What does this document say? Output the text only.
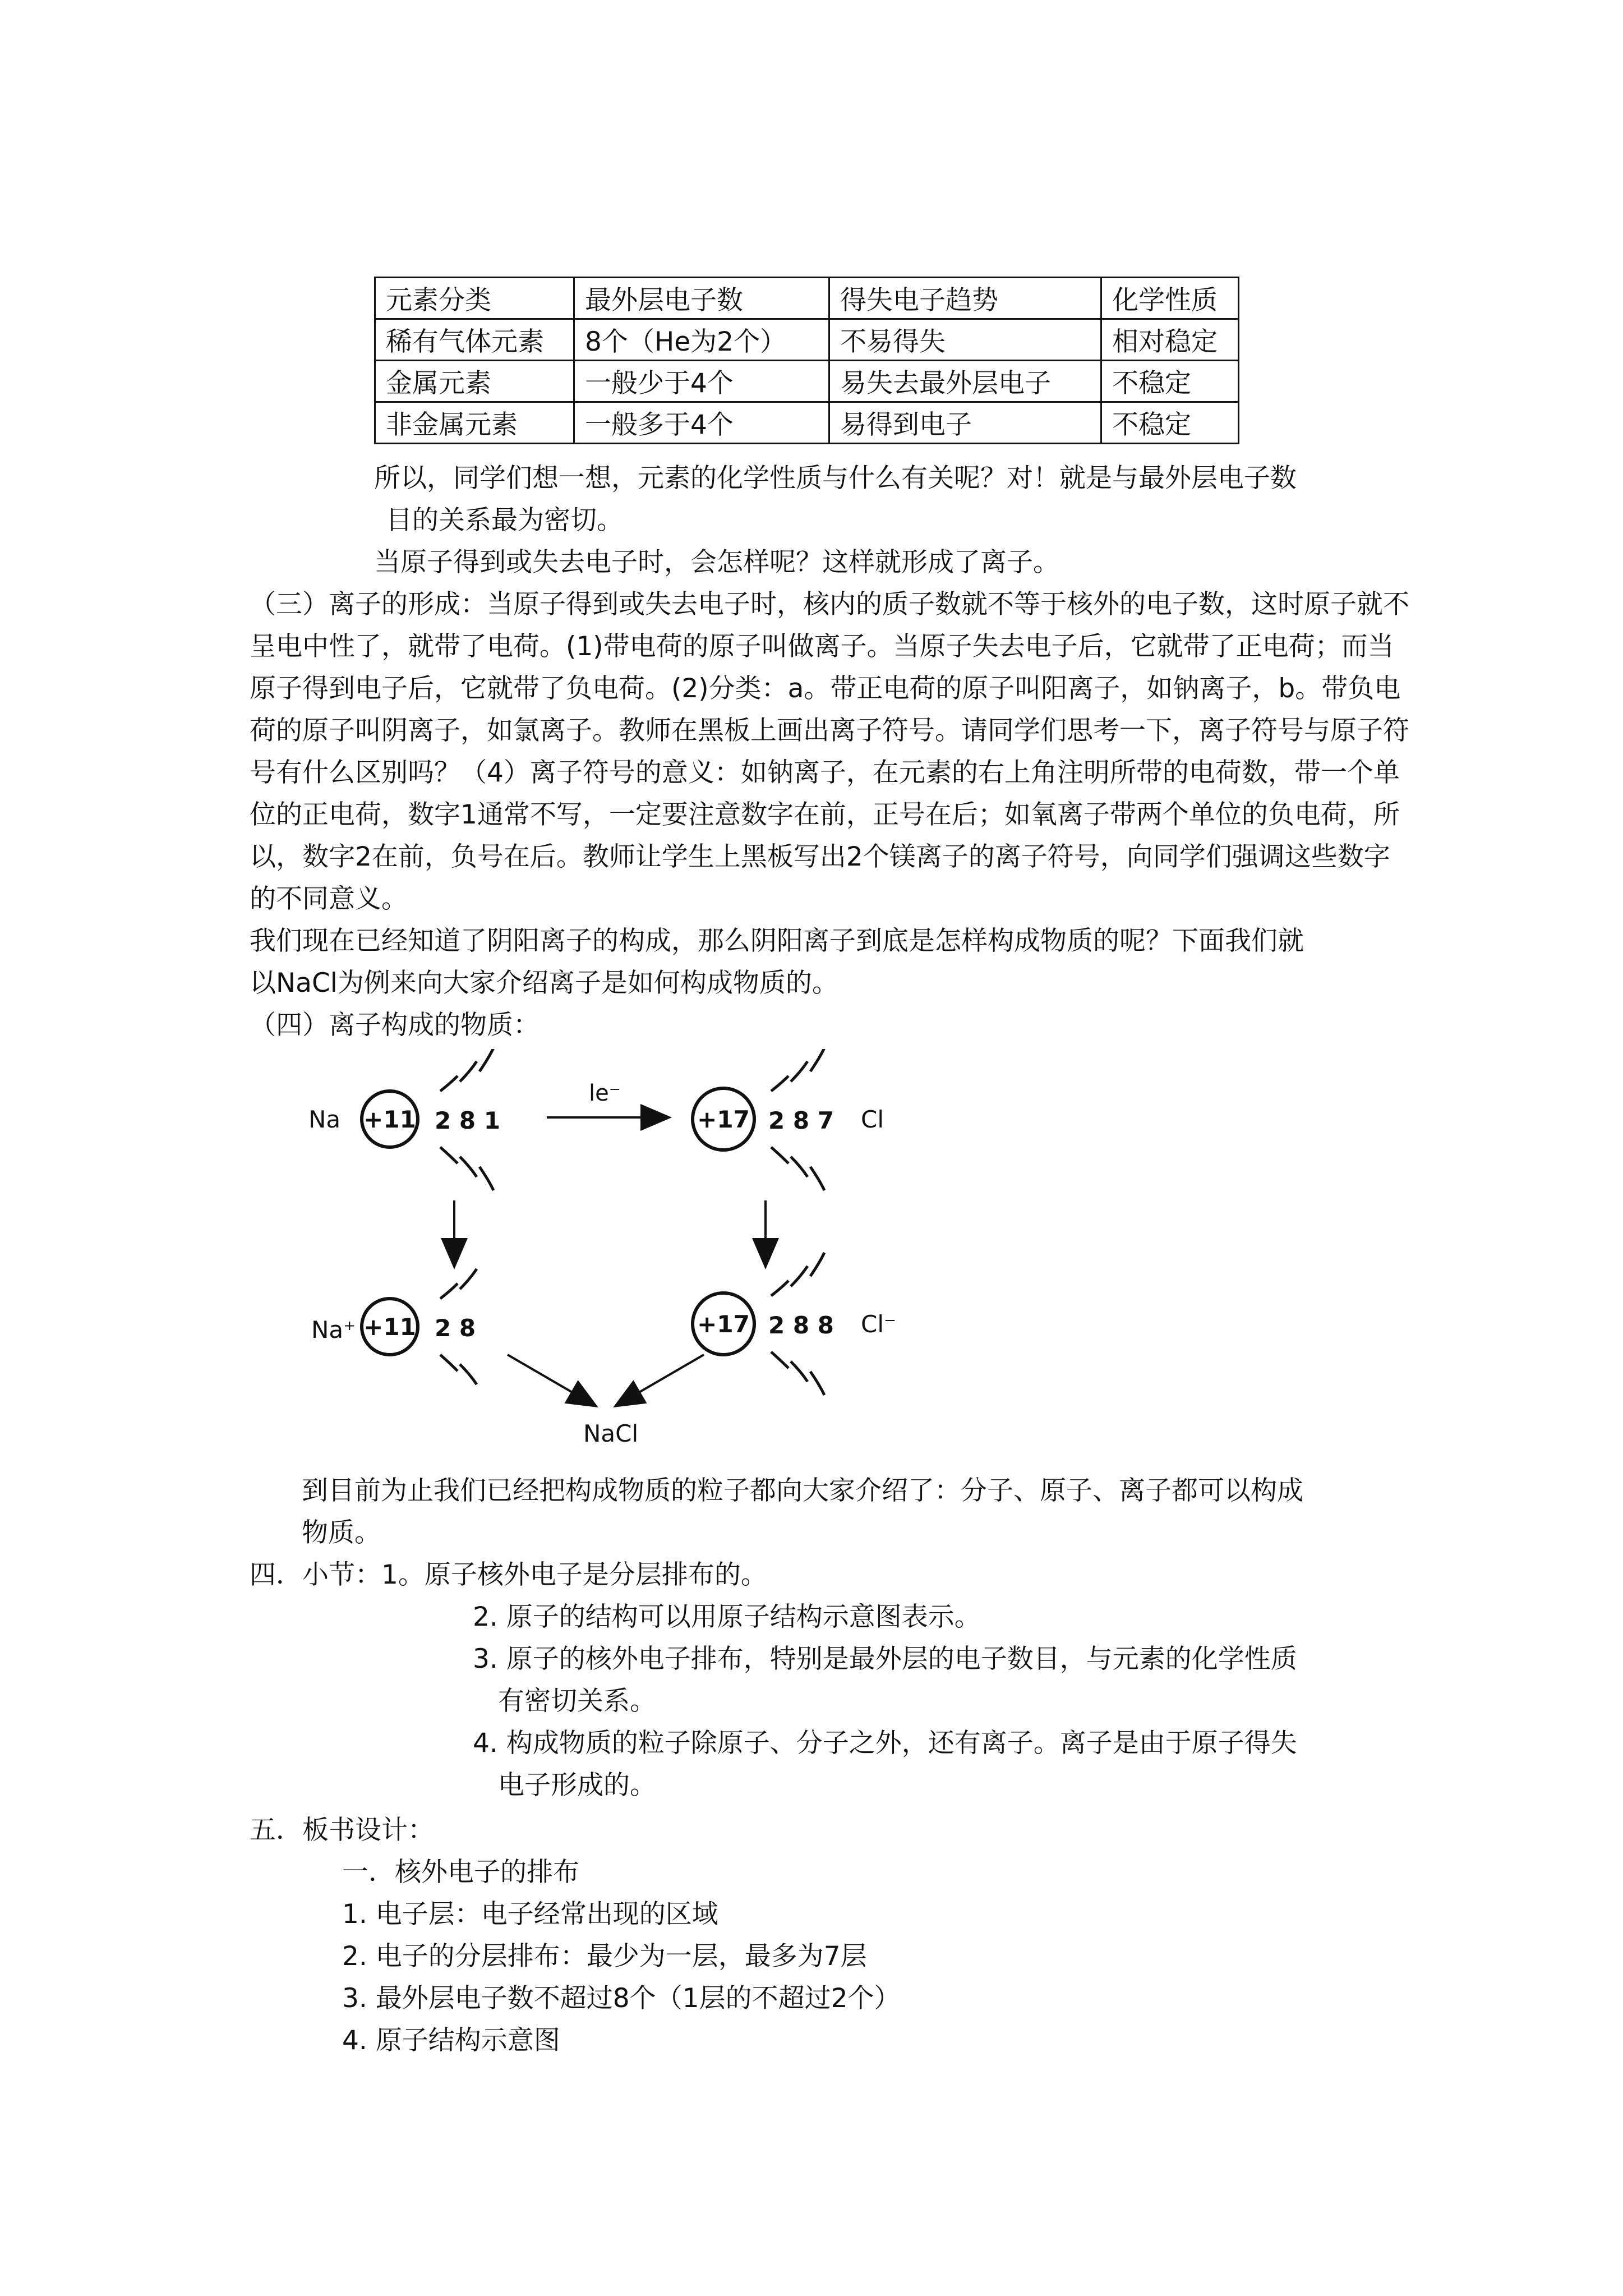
元素分类	最外层电子数	得失电子趋势	化学性质
稀有气体元素	8个（He为2个）	不易得失	相对稳定
金属元素	一般少于4个	易失去最外层电子	不稳定
非金属元素	一般多于4个	易得到电子	不稳定
所以，同学们想一想，元素的化学性质与什么有关呢？对！就是与最外层电子数
目的关系最为密切。
当原子得到或失去电子时，会怎样呢？这样就形成了离子。
（三）离子的形成：当原子得到或失去电子时，核内的质子数就不等于核外的电子数，这时原子就不
呈电中性了，就带了电荷。(1)带电荷的原子叫做离子。当原子失去电子后，它就带了正电荷；而当
原子得到电子后，它就带了负电荷。(2)分类：a。带正电荷的原子叫阳离子，如钠离子，b。带负电
荷的原子叫阴离子，如氯离子。教师在黑板上画出离子符号。请同学们思考一下，离子符号与原子符
号有什么区别吗？（4）离子符号的意义：如钠离子，在元素的右上角注明所带的电荷数，带一个单
位的正电荷，数字1通常不写，一定要注意数字在前，正号在后；如氧离子带两个单位的负电荷，所
以，数字2在前，负号在后。教师让学生上黑板写出2个镁离子的离子符号，向同学们强调这些数字
的不同意义。
我们现在已经知道了阴阳离子的构成，那么阴阳离子到底是怎样构成物质的呢？下面我们就
以NaCl为例来向大家介绍离子是如何构成物质的。
（四）离子构成的物质：
Na +11 2 8 1
le⁻
+17 2 8 7 Cl
Na⁺ +11 2 8	+17 2 8 8 Cl⁻
NaCl
到目前为止我们已经把构成物质的粒子都向大家介绍了：分子、原子、离子都可以构成
物质。
四．小节：1。原子核外电子是分层排布的。
2. 原子的结构可以用原子结构示意图表示。
3. 原子的核外电子排布，特别是最外层的电子数目，与元素的化学性质
有密切关系。
4. 构成物质的粒子除原子、分子之外，还有离子。离子是由于原子得失
电子形成的。
五．板书设计：
一．核外电子的排布
1. 电子层：电子经常出现的区域
2. 电子的分层排布：最少为一层，最多为7层
3. 最外层电子数不超过8个（1层的不超过2个）
4. 原子结构示意图
